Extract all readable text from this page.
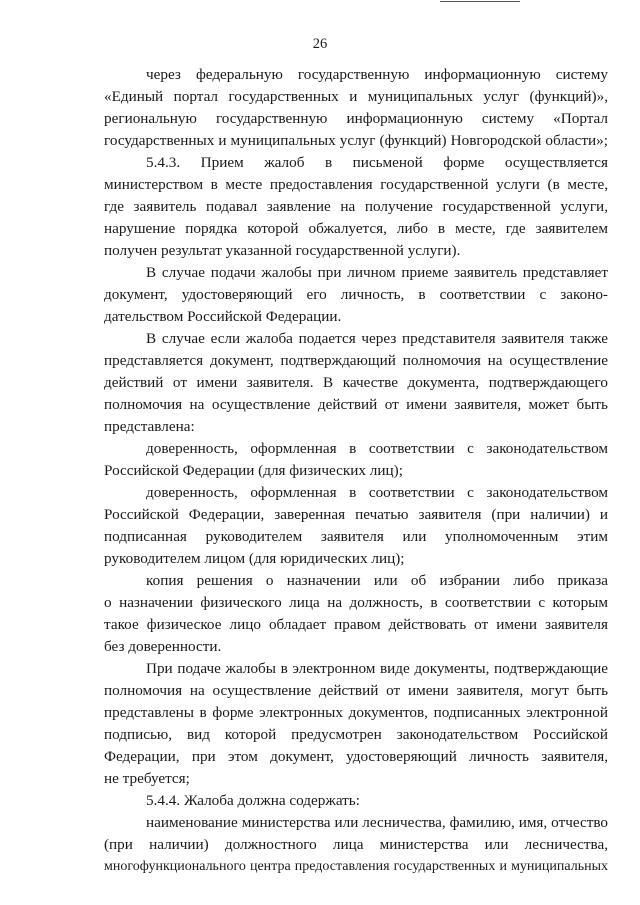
26
через федеральную государственную информационную систему
«Единый портал государственных и муниципальных услуг (функций)»,
региональную государственную информационную систему «Портал
государственных и муниципальных услуг (функций) Новгородской области»;
5.4.3. Прием жалоб в письменой форме осуществляется
министерством в месте предоставления государственной услуги (в месте,
где заявитель подавал заявление на получение государственной услуги,
нарушение порядка которой обжалуется, либо в месте, где заявителем
получен результат указанной государственной услуги).
В случае подачи жалобы при личном приеме заявитель представляет
документ, удостоверяющий его личность, в соответствии с законо-
дательством Российской Федерации.
В случае если жалоба подается через представителя заявителя также
представляется документ, подтверждающий полномочия на осуществление
действий от имени заявителя. В качестве документа, подтверждающего
полномочия на осуществление действий от имени заявителя, может быть
представлена:
доверенность, оформленная в соответствии с законодательством
Российской Федерации (для физических лиц);
доверенность, оформленная в соответствии с законодательством
Российской Федерации, заверенная печатью заявителя (при наличии) и
подписанная руководителем заявителя или уполномоченным этим
руководителем лицом (для юридических лиц);
копия решения о назначении или об избрании либо приказа
о назначении физического лица на должность, в соответствии с которым
такое физическое лицо обладает правом действовать от имени заявителя
без доверенности.
При подаче жалобы в электронном виде документы, подтверждающие
полномочия на осуществление действий от имени заявителя, могут быть
представлены в форме электронных документов, подписанных электронной
подписью, вид которой предусмотрен законодательством Российской
Федерации, при этом документ, удостоверяющий личность заявителя,
не требуется;
5.4.4. Жалоба должна содержать:
наименование министерства или лесничества, фамилию, имя, отчество
(при наличии) должностного лица министерства или лесничества,
многофункционального центра предоставления государственных и муниципальных
